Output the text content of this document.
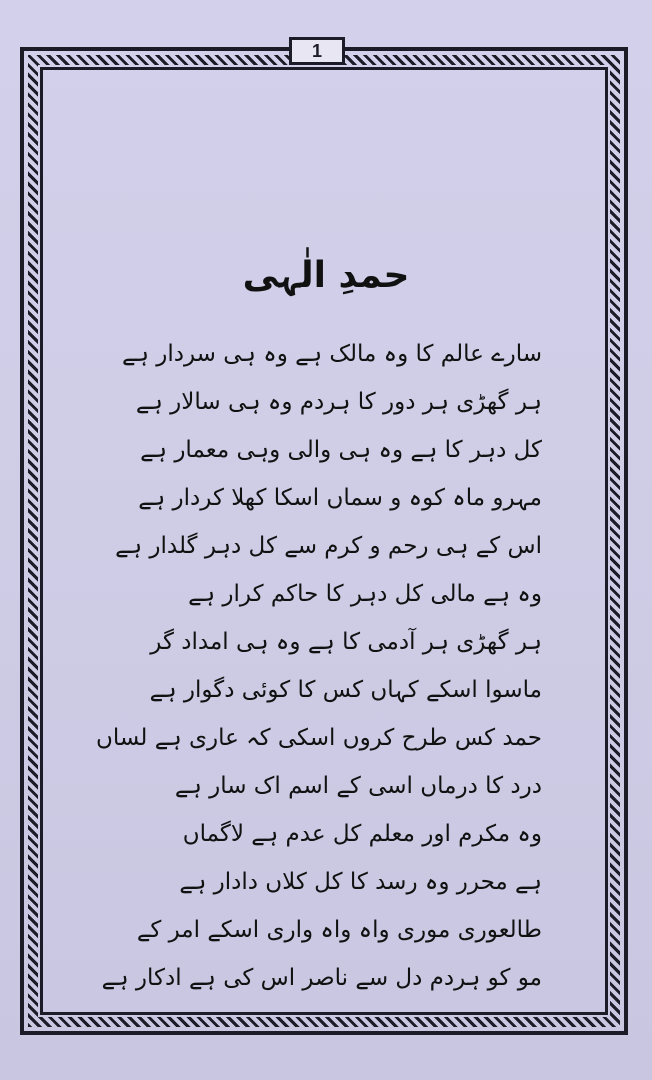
1
حمدِ الٰہی
سارے عالم کا وہ مالک ہے وہ ہی سردار ہے
ہر گھڑی ہر دور کا ہردم وہ ہی سالار ہے
کل دہر کا ہے وہ ہی والی وہی معمار ہے
مہرو ماہ کوہ و سماں اسکا کھلا کردار ہے
اس کے ہی رحم و کرم سے کل دہر گلدار ہے
وہ ہے مالی کل دہر کا حاکم کرار ہے
ہر گھڑی ہر آدمی کا ہے وہ ہی امداد گر
ماسوا اسکے کہاں کس کا کوئی دگوار ہے
حمد کس طرح کروں اسکی کہ عاری ہے لساں
درد کا درماں اسی کے اسم اک سار ہے
وہ مکرم اور معلم کل عدم ہے لاگماں
ہے محرر وہ رسد کا کل کلاں دادار ہے
طالعوری موری واہ واہ واری اسکے امر کے
مو کو ہردم دل سے ناصر اس کی ہے ادکار ہے
